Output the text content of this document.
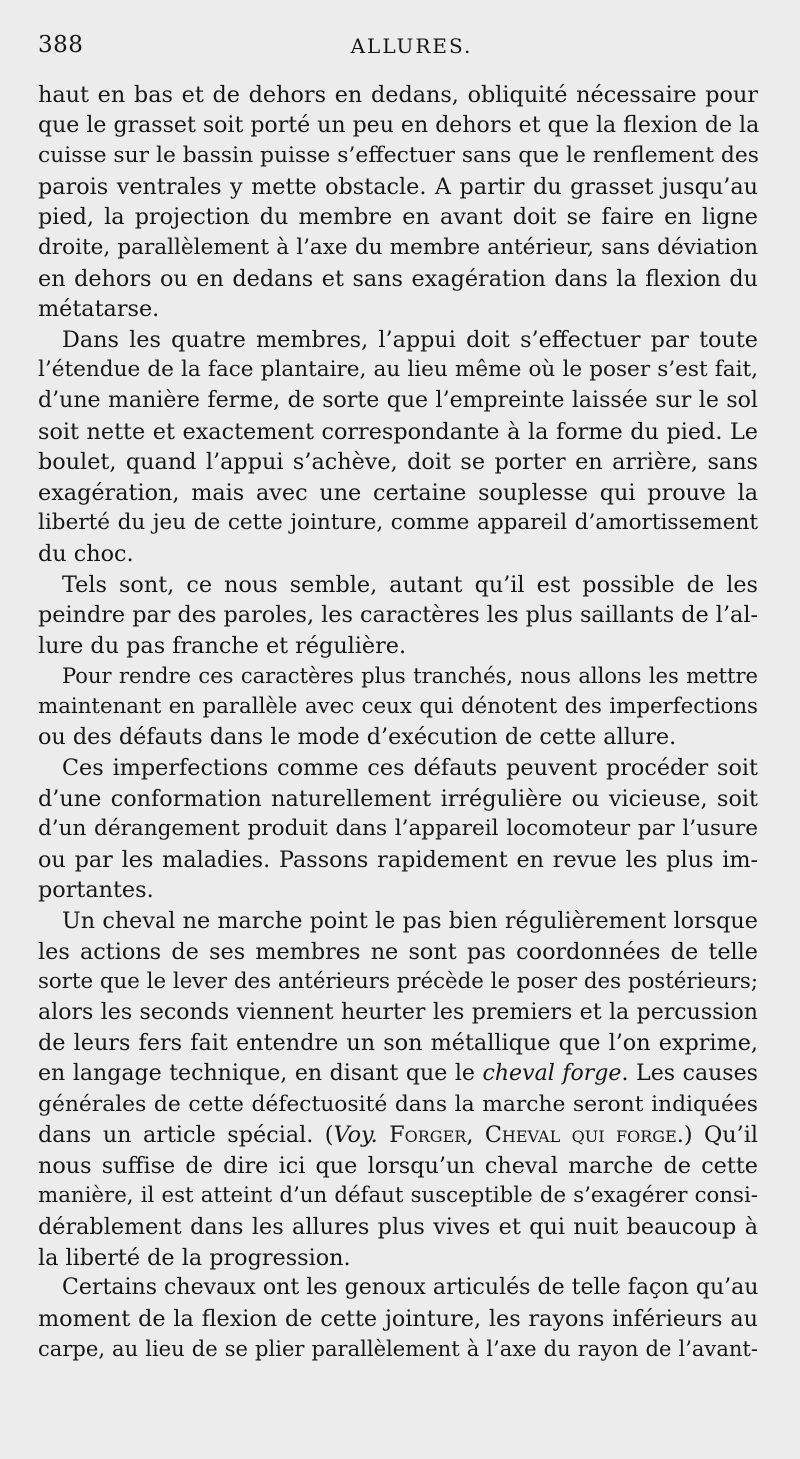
388	ALLURES.
haut en bas et de dehors en dedans, obliquité nécessaire pour
que le grasset soit porté un peu en dehors et que la flexion de la
cuisse sur le bassin puisse s’effectuer sans que le renflement des
parois ventrales y mette obstacle. A partir du grasset jusqu’au
pied, la projection du membre en avant doit se faire en ligne
droite, parallèlement à l’axe du membre antérieur, sans déviation
en dehors ou en dedans et sans exagération dans la flexion du
métatarse.
Dans les quatre membres, l’appui doit s’effectuer par toute
l’étendue de la face plantaire, au lieu même où le poser s’est fait,
d’une manière ferme, de sorte que l’empreinte laissée sur le sol
soit nette et exactement correspondante à la forme du pied. Le
boulet, quand l’appui s’achève, doit se porter en arrière, sans
exagération, mais avec une certaine souplesse qui prouve la
liberté du jeu de cette jointure, comme appareil d’amortissement
du choc.
Tels sont, ce nous semble, autant qu’il est possible de les
peindre par des paroles, les caractères les plus saillants de l’al-
lure du pas franche et régulière.
Pour rendre ces caractères plus tranchés, nous allons les mettre
maintenant en parallèle avec ceux qui dénotent des imperfections
ou des défauts dans le mode d’exécution de cette allure.
Ces imperfections comme ces défauts peuvent procéder soit
d’une conformation naturellement irrégulière ou vicieuse, soit
d’un dérangement produit dans l’appareil locomoteur par l’usure
ou par les maladies. Passons rapidement en revue les plus im-
portantes.
Un cheval ne marche point le pas bien régulièrement lorsque
les actions de ses membres ne sont pas coordonnées de telle
sorte que le lever des antérieurs précède le poser des postérieurs;
alors les seconds viennent heurter les premiers et la percussion
de leurs fers fait entendre un son métallique que l’on exprime,
en langage technique, en disant que le cheval forge. Les causes
générales de cette défectuosité dans la marche seront indiquées
dans un article spécial. (Voy. Forger, Cheval qui forge.) Qu’il
nous suffise de dire ici que lorsqu’un cheval marche de cette
manière, il est atteint d’un défaut susceptible de s’exagérer consi-
dérablement dans les allures plus vives et qui nuit beaucoup à
la liberté de la progression.
Certains chevaux ont les genoux articulés de telle façon qu’au
moment de la flexion de cette jointure, les rayons inférieurs au
carpe, au lieu de se plier parallèlement à l’axe du rayon de l’avant-
